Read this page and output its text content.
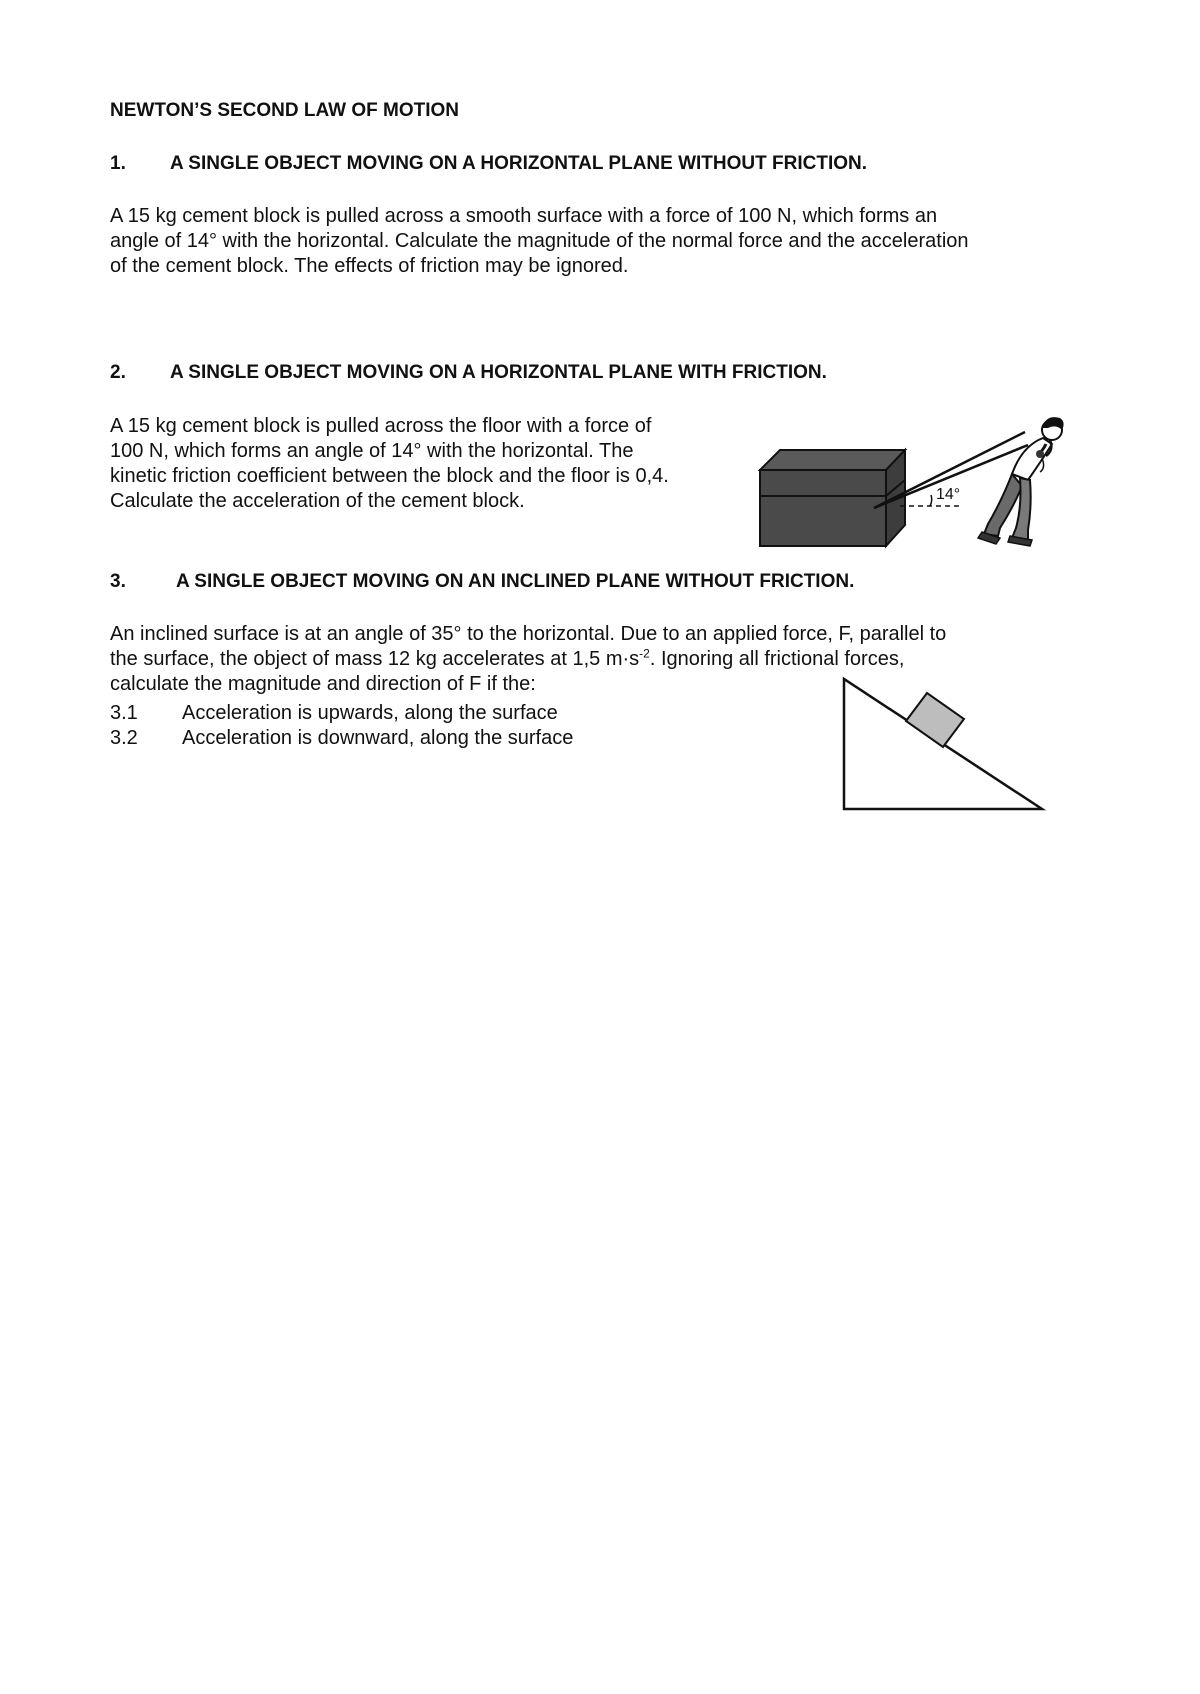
NEWTON’S SECOND LAW OF MOTION

1. A SINGLE OBJECT MOVING ON A HORIZONTAL PLANE WITHOUT FRICTION.
A 15 kg cement block is pulled across a smooth surface with a force of 100 N, which forms an
angle of 14° with the horizontal. Calculate the magnitude of the normal force and the acceleration
of the cement block. The effects of friction may be ignored.
2. A SINGLE OBJECT MOVING ON A HORIZONTAL PLANE WITH FRICTION.
A 15 kg cement block is pulled across the floor with a force of
100 N, which forms an angle of 14° with the horizontal. The
kinetic friction coefficient between the block and the floor is 0,4.
Calculate the acceleration of the cement block.	14°
3.	A SINGLE OBJECT MOVING ON AN INCLINED PLANE WITHOUT FRICTION.
An inclined surface is at an angle of 35° to the horizontal. Due to an applied force, F, parallel to
the surface, the object of mass 12 kg accelerates at 1,5 $m\cdot s^{-2}$. Ignoring all frictional forces,
calculate the magnitude and direction of F if the:
3.1 Acceleration is upwards, along the surface
3.2 Acceleration is downward, along the surface
